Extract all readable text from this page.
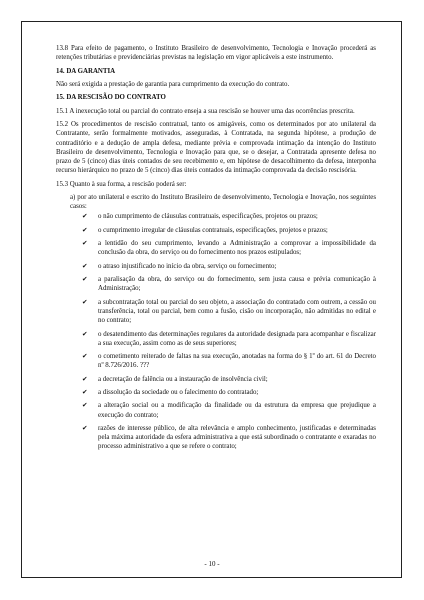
13.8 Para efeito de pagamento, o Instituto Brasileiro de desenvolvimento, Tecnologia e Inovação procederá as retenções tributárias e previdenciárias previstas na legislação em vigor aplicáveis a este instrumento.

14. DA GARANTIA

Não será exigida a prestação de garantia para cumprimento da execução do contrato.

15. DA RESCISÃO DO CONTRATO

15.1 A inexecução total ou parcial do contrato enseja a sua rescisão se houver uma das ocorrências prescrita.

15.2 Os procedimentos de rescisão contratual, tanto os amigáveis, como os determinados por ato unilateral da Contratante, serão formalmente motivados, asseguradas, à Contratada, na segunda hipótese, a produção de contraditório e a dedução de ampla defesa, mediante prévia e comprovada intimação da intenção do Instituto Brasileiro de desenvolvimento, Tecnologia e Inovação para que, se o desejar, a Contratada apresente defesa no prazo de 5 (cinco) dias úteis contados de seu recebimento e, em hipótese de desacolhimento da defesa, interponha recurso hierárquico no prazo de 5 (cinco) dias úteis contados da intimação comprovada da decisão rescisória.

15.3 Quanto à sua forma, a rescisão poderá ser:

a) por ato unilateral e escrito do Instituto Brasileiro de desenvolvimento, Tecnologia e Inovação, nos seguintes casos:

✔	o não cumprimento de cláusulas contratuais, especificações, projetos ou prazos;
✔	o cumprimento irregular de cláusulas contratuais, especificações, projetos e prazos;
✔	a lentidão do seu cumprimento, levando a Administração a comprovar a impossibilidade da conclusão da obra, do serviço ou do fornecimento nos prazos estipulados;
✔	o atraso injustificado no início da obra, serviço ou fornecimento;
✔	a paralisação da obra, do serviço ou do fornecimento, sem justa causa e prévia comunicação à Administração;
✔	a subcontratação total ou parcial do seu objeto, a associação do contratado com outrem, a cessão ou transferência, total ou parcial, bem como a fusão, cisão ou incorporação, não admitidas no edital e no contrato;
✔	o desatendimento das determinações regulares da autoridade designada para acompanhar e fiscalizar a sua execução, assim como as de seus superiores;
✔	o cometimento reiterado de faltas na sua execução, anotadas na forma do § 1º do art. 61 do Decreto nº 8.726/2016. ???
✔	a decretação de falência ou a instauração de insolvência civil;
✔	a dissolução da sociedade ou o falecimento do contratado;
✔	a alteração social ou a modificação da finalidade ou da estrutura da empresa que prejudique a execução do contrato;
✔	razões de interesse público, de alta relevância e amplo conhecimento, justificadas e determinadas pela máxima autoridade da esfera administrativa a que está subordinado o contratante e exaradas no processo administrativo a que se refere o contrato;
- 10 -
